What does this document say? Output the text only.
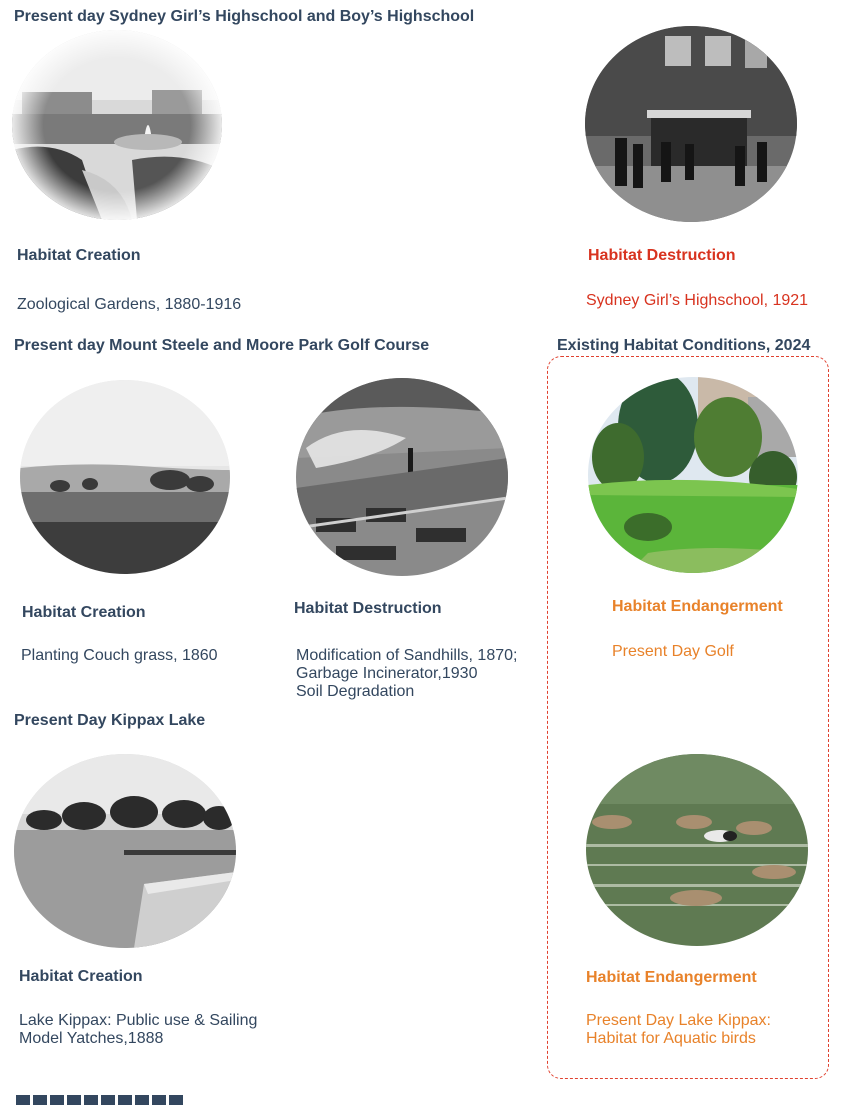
Present day Sydney Girl’s Highschool and Boy’s Highschool
Habitat Creation
Zoological Gardens, 1880-1916
Habitat Destruction
Sydney Girl’s Highschool, 1921
Present day Mount Steele and Moore Park Golf Course	Existing Habitat Conditions, 2024
Habitat Creation
Planting Couch grass, 1860
Habitat Destruction
Modification of Sandhills, 1870;
Garbage Incinerator,1930
Soil Degradation
Habitat Endangerment
Present Day Golf
Present Day Kippax Lake
Habitat Creation
Lake Kippax: Public use & Sailing
Model Yatches,1888
Habitat Endangerment
Present Day Lake Kippax:
Habitat for Aquatic birds
